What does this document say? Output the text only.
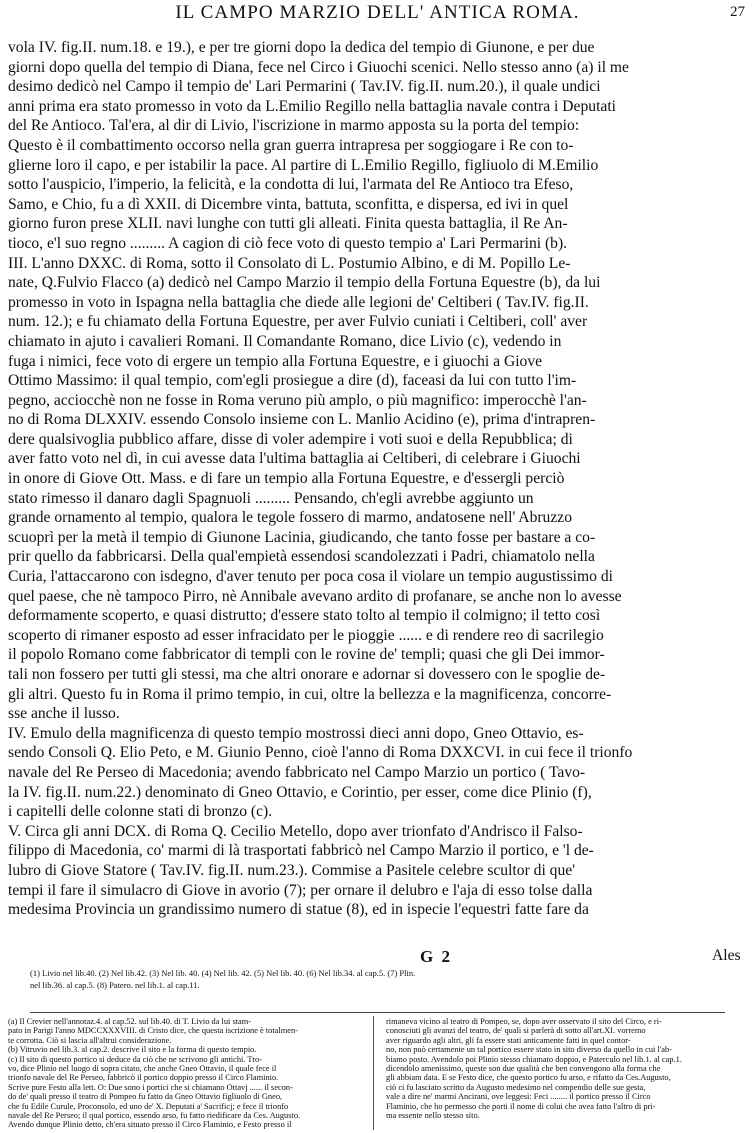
IL CAMPO MARZIO DELL' ANTICA ROMA.	27
vola IV. fig.II. num.18. e 19.), e per tre giorni dopo la dedica del tempio di Giunone, e per due
giorni dopo quella del tempio di Diana, fece nel Circo i Giuochi scenici. Nello stesso anno (a) il me
desimo dedicò nel Campo il tempio de' Lari Permarini ( Tav.IV. fig.II. num.20.), il quale undici
anni prima era stato promesso in voto da L.Emilio Regillo nella battaglia navale contra i Deputati
del Re Antioco. Tal'era, al dir di Livio, l'iscrizione in marmo apposta su la porta del tempio:
Questo è il combattimento occorso nella gran guerra intrapresa per soggiogare i Re con to-
glierne loro il capo, e per istabilir la pace. Al partire di L.Emilio Regillo, figliuolo di M.Emilio
sotto l'auspicio, l'imperio, la felicità, e la condotta di lui, l'armata del Re Antioco tra Efeso,
Samo, e Chio, fu a dì XXII. di Dicembre vinta, battuta, sconfitta, e dispersa, ed ivi in quel
giorno furon prese XLII. navi lunghe con tutti gli alleati. Finita questa battaglia, il Re An-
tioco, e'l suo regno ......... A cagion di ciò fece voto di questo tempio a' Lari Permarini (b).
III. L'anno DXXC. di Roma, sotto il Consolato di L. Postumio Albino, e di M. Popillo Le-
nate, Q.Fulvio Flacco (a) dedicò nel Campo Marzio il tempio della Fortuna Equestre (b), da lui
promesso in voto in Ispagna nella battaglia che diede alle legioni de' Celtiberi ( Tav.IV. fig.II.
num. 12.); e fu chiamato della Fortuna Equestre, per aver Fulvio cuniati i Celtiberi, coll' aver
chiamato in ajuto i cavalieri Romani. Il Comandante Romano, dice Livio (c), vedendo in
fuga i nimici, fece voto di ergere un tempio alla Fortuna Equestre, e i giuochi a Giove
Ottimo Massimo: il qual tempio, com'egli prosiegue a dire (d), faceasi da lui con tutto l'im-
pegno, acciocchè non ne fosse in Roma veruno più amplo, o più magnifico: imperocchè l'an-
no di Roma DLXXIV. essendo Consolo insieme con L. Manlio Acidino (e), prima d'intrapren-
dere qualsivoglia pubblico affare, disse di voler adempire i voti suoi e della Repubblica; di
aver fatto voto nel dì, in cui avesse data l'ultima battaglia ai Celtiberi, di celebrare i Giuochi
in onore di Giove Ott. Mass. e di fare un tempio alla Fortuna Equestre, e d'essergli perciò
stato rimesso il danaro dagli Spagnuoli ......... Pensando, ch'egli avrebbe aggiunto un
grande ornamento al tempio, qualora le tegole fossero di marmo, andatosene nell' Abruzzo
scuoprì per la metà il tempio di Giunone Lacinia, giudicando, che tanto fosse per bastare a co-
prir quello da fabbricarsi. Della qual'empietà essendosi scandolezzati i Padri, chiamatolo nella
Curia, l'attaccarono con isdegno, d'aver tenuto per poca cosa il violare un tempio augustissimo di
quel paese, che nè tampoco Pirro, nè Annibale avevano ardito di profanare, se anche non lo avesse
deformamente scoperto, e quasi distrutto; d'essere stato tolto al tempio il colmigno; il tetto così
scoperto di rimaner esposto ad esser infracidato per le pioggie ...... e di rendere reo di sacrilegio
il popolo Romano come fabbricator di templi con le rovine de' templi; quasi che gli Dei immor-
tali non fossero per tutti gli stessi, ma che altri onorare e adornar si dovessero con le spoglie de-
gli altri. Questo fu in Roma il primo tempio, in cui, oltre la bellezza e la magnificenza, concorre-
sse anche il lusso.
IV. Emulo della magnificenza di questo tempio mostrossi dieci anni dopo, Gneo Ottavio, es-
sendo Consoli Q. Elio Peto, e M. Giunio Penno, cioè l'anno di Roma DXXCVI. in cui fece il trionfo
navale del Re Perseo di Macedonia; avendo fabbricato nel Campo Marzio un portico ( Tavo-
la IV. fig.II. num.22.) denominato di Gneo Ottavio, e Corintio, per esser, come dice Plinio (f),
i capitelli delle colonne stati di bronzo (c).
V. Circa gli anni DCX. di Roma Q. Cecilio Metello, dopo aver trionfato d'Andrisco il Falso-
filippo di Macedonia, co' marmi di là trasportati fabbricò nel Campo Marzio il portico, e 'l de-
lubro di Giove Statore ( Tav.IV. fig.II. num.23.). Commise a Pasitele celebre scultor di que'
tempi il fare il simulacro di Giove in avorio (7); per ornare il delubro e l'aja di esso tolse dalla
medesima Provincia un grandissimo numero di statue (8), ed in ispecie l'equestri fatte fare da
G 2	Ales
(1) Livio nel lib.40. (2) Nel lib.42. (3) Nel lib. 40. (4) Nel lib. 42. (5) Nel lib. 40. (6) Nel lib.34. al cap.5. (7) Plin.
nel lib.36. al cap.5. (8) Patero. nel lib.1. al cap.11.
(a) Il Crevier nell'annotaz.4. al cap.52. sul lib.40. di T. Livio da lui stam-
pato in Parigi l'anno MDCCXXXVIII. di Cristo dice, che questa iscrizione è totalmen-
te corrotta. Ciò si lascia all'altrui considerazione.
(b) Vitruvio nel lib.3. al cap.2. descrive il sito e la forma di questo tempio.
(c) Il sito di questo portico si deduce da ciò che ne scrivono gli antichi. Tro-
vo, dice Plinio nel luogo di sopra citato, che anche Gneo Ottavio, il quale fece il
trionfo navale del Re Perseo, fabbricò il portico doppio presso il Circo Flaminio.
Scrive pure Festo alla lett. O: Due sono i portici che si chiamano Ottavj ...... il secon-
do de' quali presso il teatro di Pompeo fu fatto da Gneo Ottavio figliuolo di Gneo,
che fu Edile Curule, Proconsolo, ed uno de' X. Deputati a' Sacrificj; e fece il trionfo
navale del Re Perseo; il qual portico, essendo arso, fu fatto riedificare da Ces. Augusto.
Avendo dunque Plinio detto, ch'era situato presso il Circo Flaminio, e Festo presso il
rimaneva vicino al teatro di Pompeo, se, dopo aver osservato il sito del Circo, e ri-
conosciuti gli avanzi del teatro, de' quali si parlerà di sotto all'art.XI. vorremo
aver riguardo agli altri, gli fa essere stati anticamente fatti in quel contor-
no, non può certamente un tal portico essere stato in sito diverso da quello in cui l'ab-
biamo posto. Avendolo poi Plinio stesso chiamato doppio, e Paterculo nel lib.1. al cap.1.
dicendolo amenissimo, queste son due qualità che ben convengono alla forma che
gli abbiam data. E se Festo dice, che questo portico fu arso, e rifatto da Ces.Augusto,
ciò ci fu lasciato scritto da Augusto medesimo nel compendio delle sue gesta,
vale a dire ne' marmi Ancirani, ove leggesi: Feci ........ il portico presso il Circo
Flaminio, che ho permesso che porti il nome di colui che avea fatto l'altro di pri-
ma essente nello stesso sito.
